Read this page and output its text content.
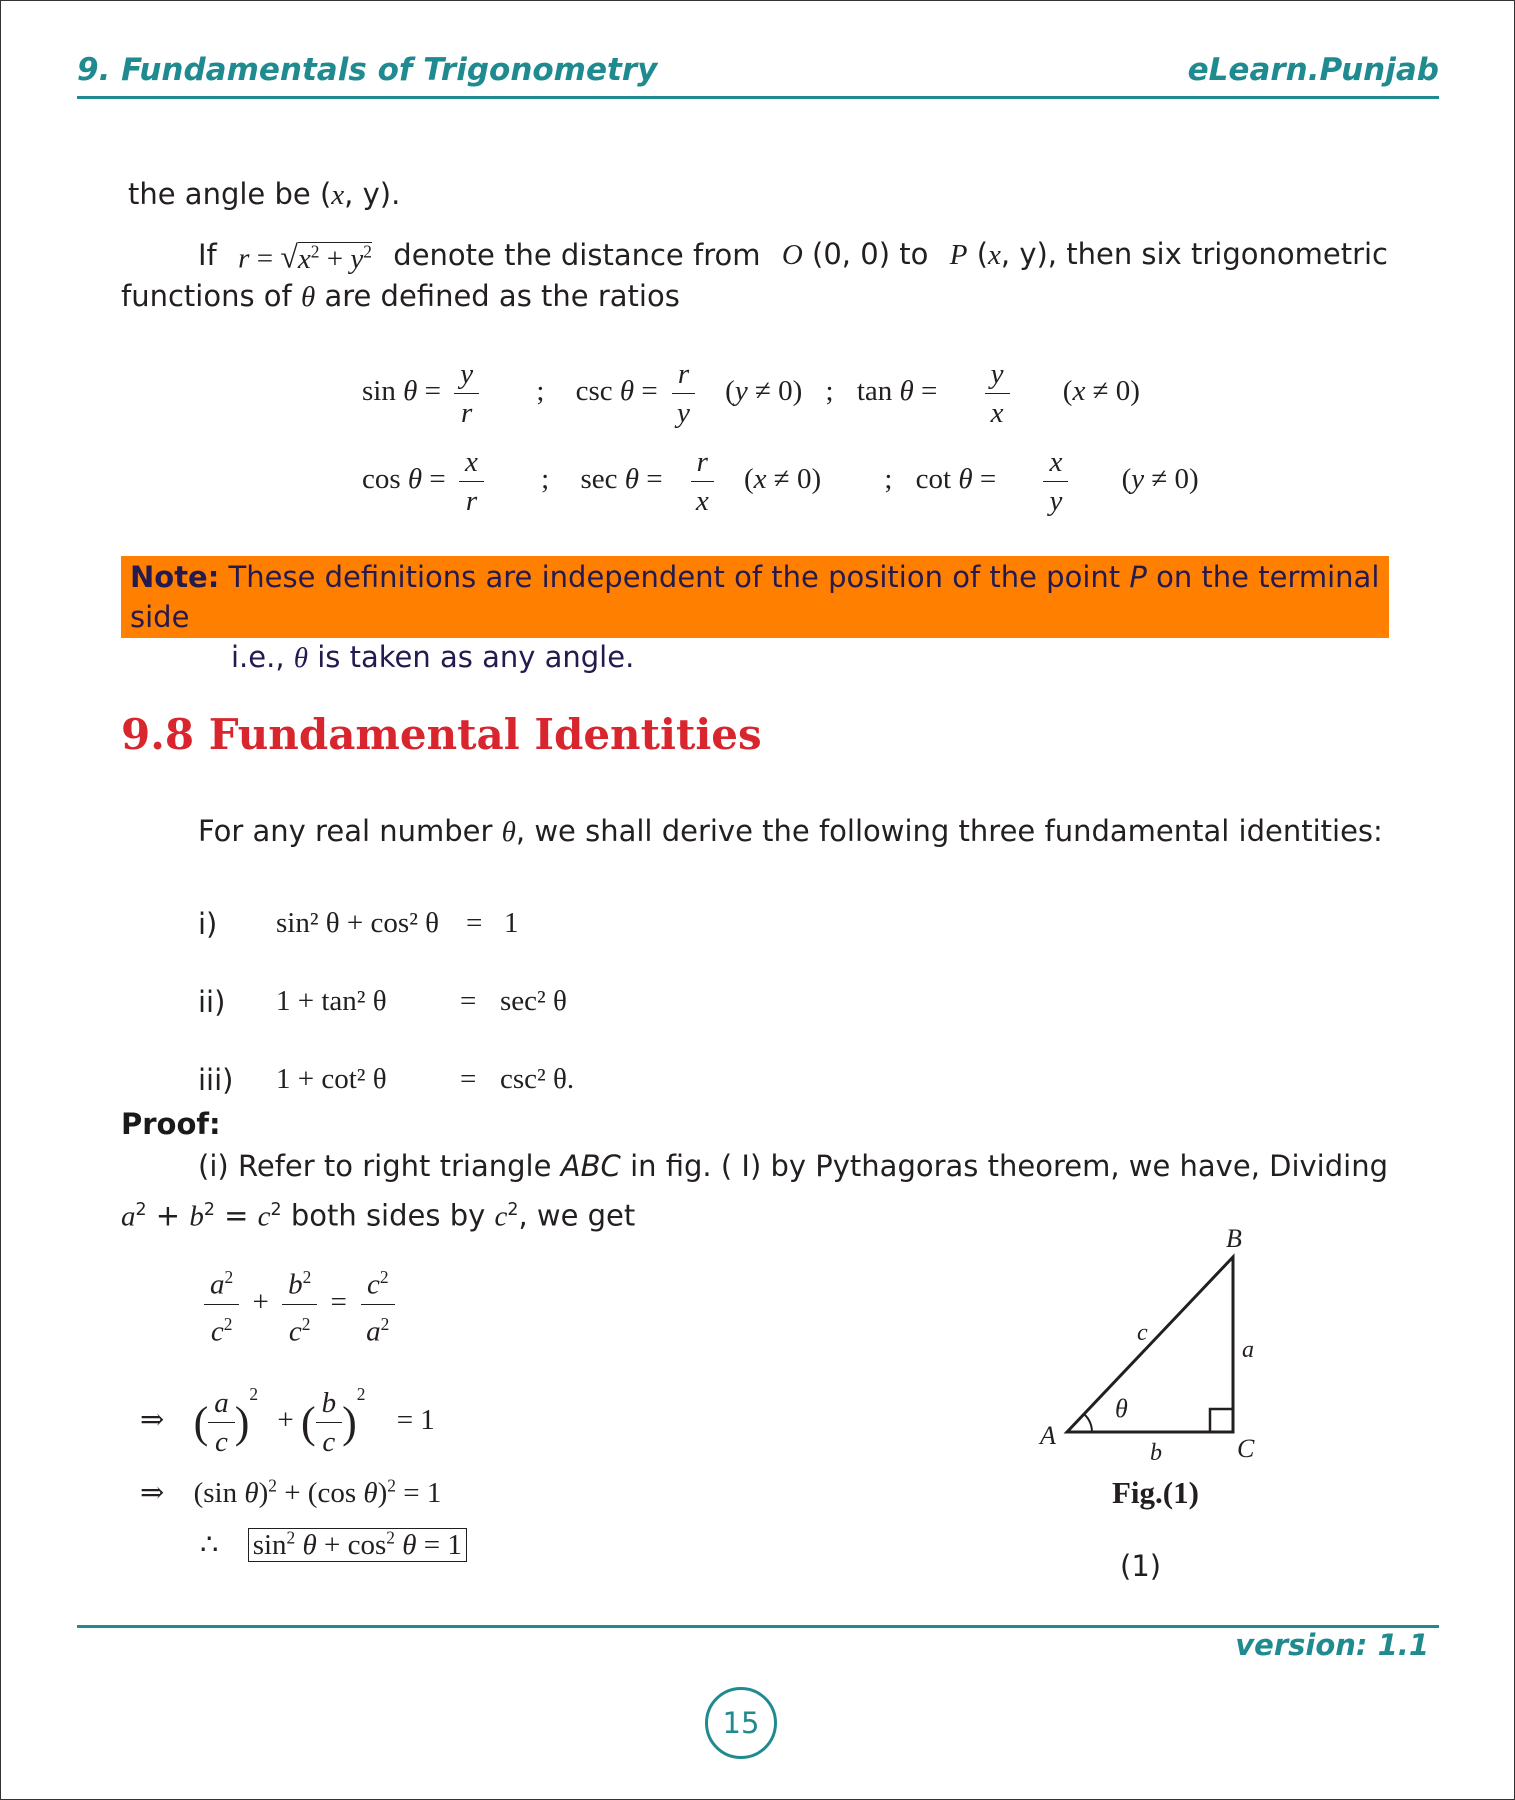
9. Fundamentals of Trigonometry	eLearn.Punjab
the angle be (x, y).
If $r = √x^2 + y^2$ denote the distance from O (0, 0) to P (x, y), then six trigonometric
functions of θ are defined as the ratios
$\sin \theta = \frac{y}{r}$ ; $\csc \theta = \frac{r}{y} (y \ne 0)$ ; $\tan \theta = \frac{y}{x} (x \ne 0)$
$\cos \theta = \frac{x}{r}$ ; $\sec \theta = \frac{r}{x} (x \ne 0)$ ; $\cot \theta = \frac{x}{y} (y \ne 0)$
Note: These definitions are independent of the position of the point P on the terminal side
i.e., θ is taken as any angle.
9.8 Fundamental Identities
For any real number θ, we shall derive the following three fundamental identities:
i) sin² θ + cos² θ = 1
ii) 1 + tan² θ	= sec² θ
iii) 1 + cot² θ	= csc² θ.
Proof:
(i) Refer to right triangle ABC in fig. ( I) by Pythagoras theorem, we have, Dividing
$a^2 + b^2 = c^2$ both sides by $c^2$, we get
$\frac{a^2}{c^2} + \frac{b^2}{c^2} = \frac{c^2}{a^2}$
⇒ ( $\frac{a}{c} )^2$ + ( $\frac{b}{c} )^2 = 1$
⇒ (sin θ)$^2$ + (cos θ)$^2$ = 1
∴ $\sin^2 \theta + \cos^2 \theta = 1$
A
B
C
a
b
c
θ
Fig.(1)
(1)
version: 1.1
15
